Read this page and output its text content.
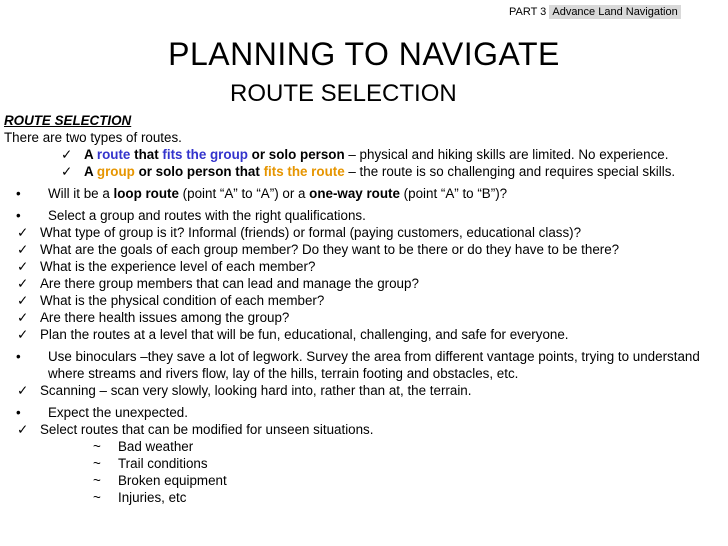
PART 3 Advance Land Navigation
PLANNING TO NAVIGATE
ROUTE SELECTION
ROUTE SELECTION
There are two types of routes.
✓ A route that fits the group or solo person – physical and hiking skills are limited. No experience.
✓ A group or solo person that fits the route – the route is so challenging and requires special skills.
• Will it be a loop route (point “A” to “A”) or a one-way route (point “A” to “B”)?
• Select a group and routes with the right qualifications.
✓ What type of group is it? Informal (friends) or formal (paying customers, educational class)?
✓ What are the goals of each group member? Do they want to be there or do they have to be there?
✓ What is the experience level of each member?
✓ Are there group members that can lead and manage the group?
✓ What is the physical condition of each member?
✓ Are there health issues among the group?
✓ Plan the routes at a level that will be fun, educational, challenging, and safe for everyone.
• Use binoculars –they save a lot of legwork. Survey the area from different vantage points, trying to understand where streams and rivers flow, lay of the hills, terrain footing and obstacles, etc.
✓ Scanning – scan very slowly, looking hard into, rather than at, the terrain.
• Expect the unexpected.
✓ Select routes that can be modified for unseen situations.
~ Bad weather
~ Trail conditions
~ Broken equipment
~ Injuries, etc
